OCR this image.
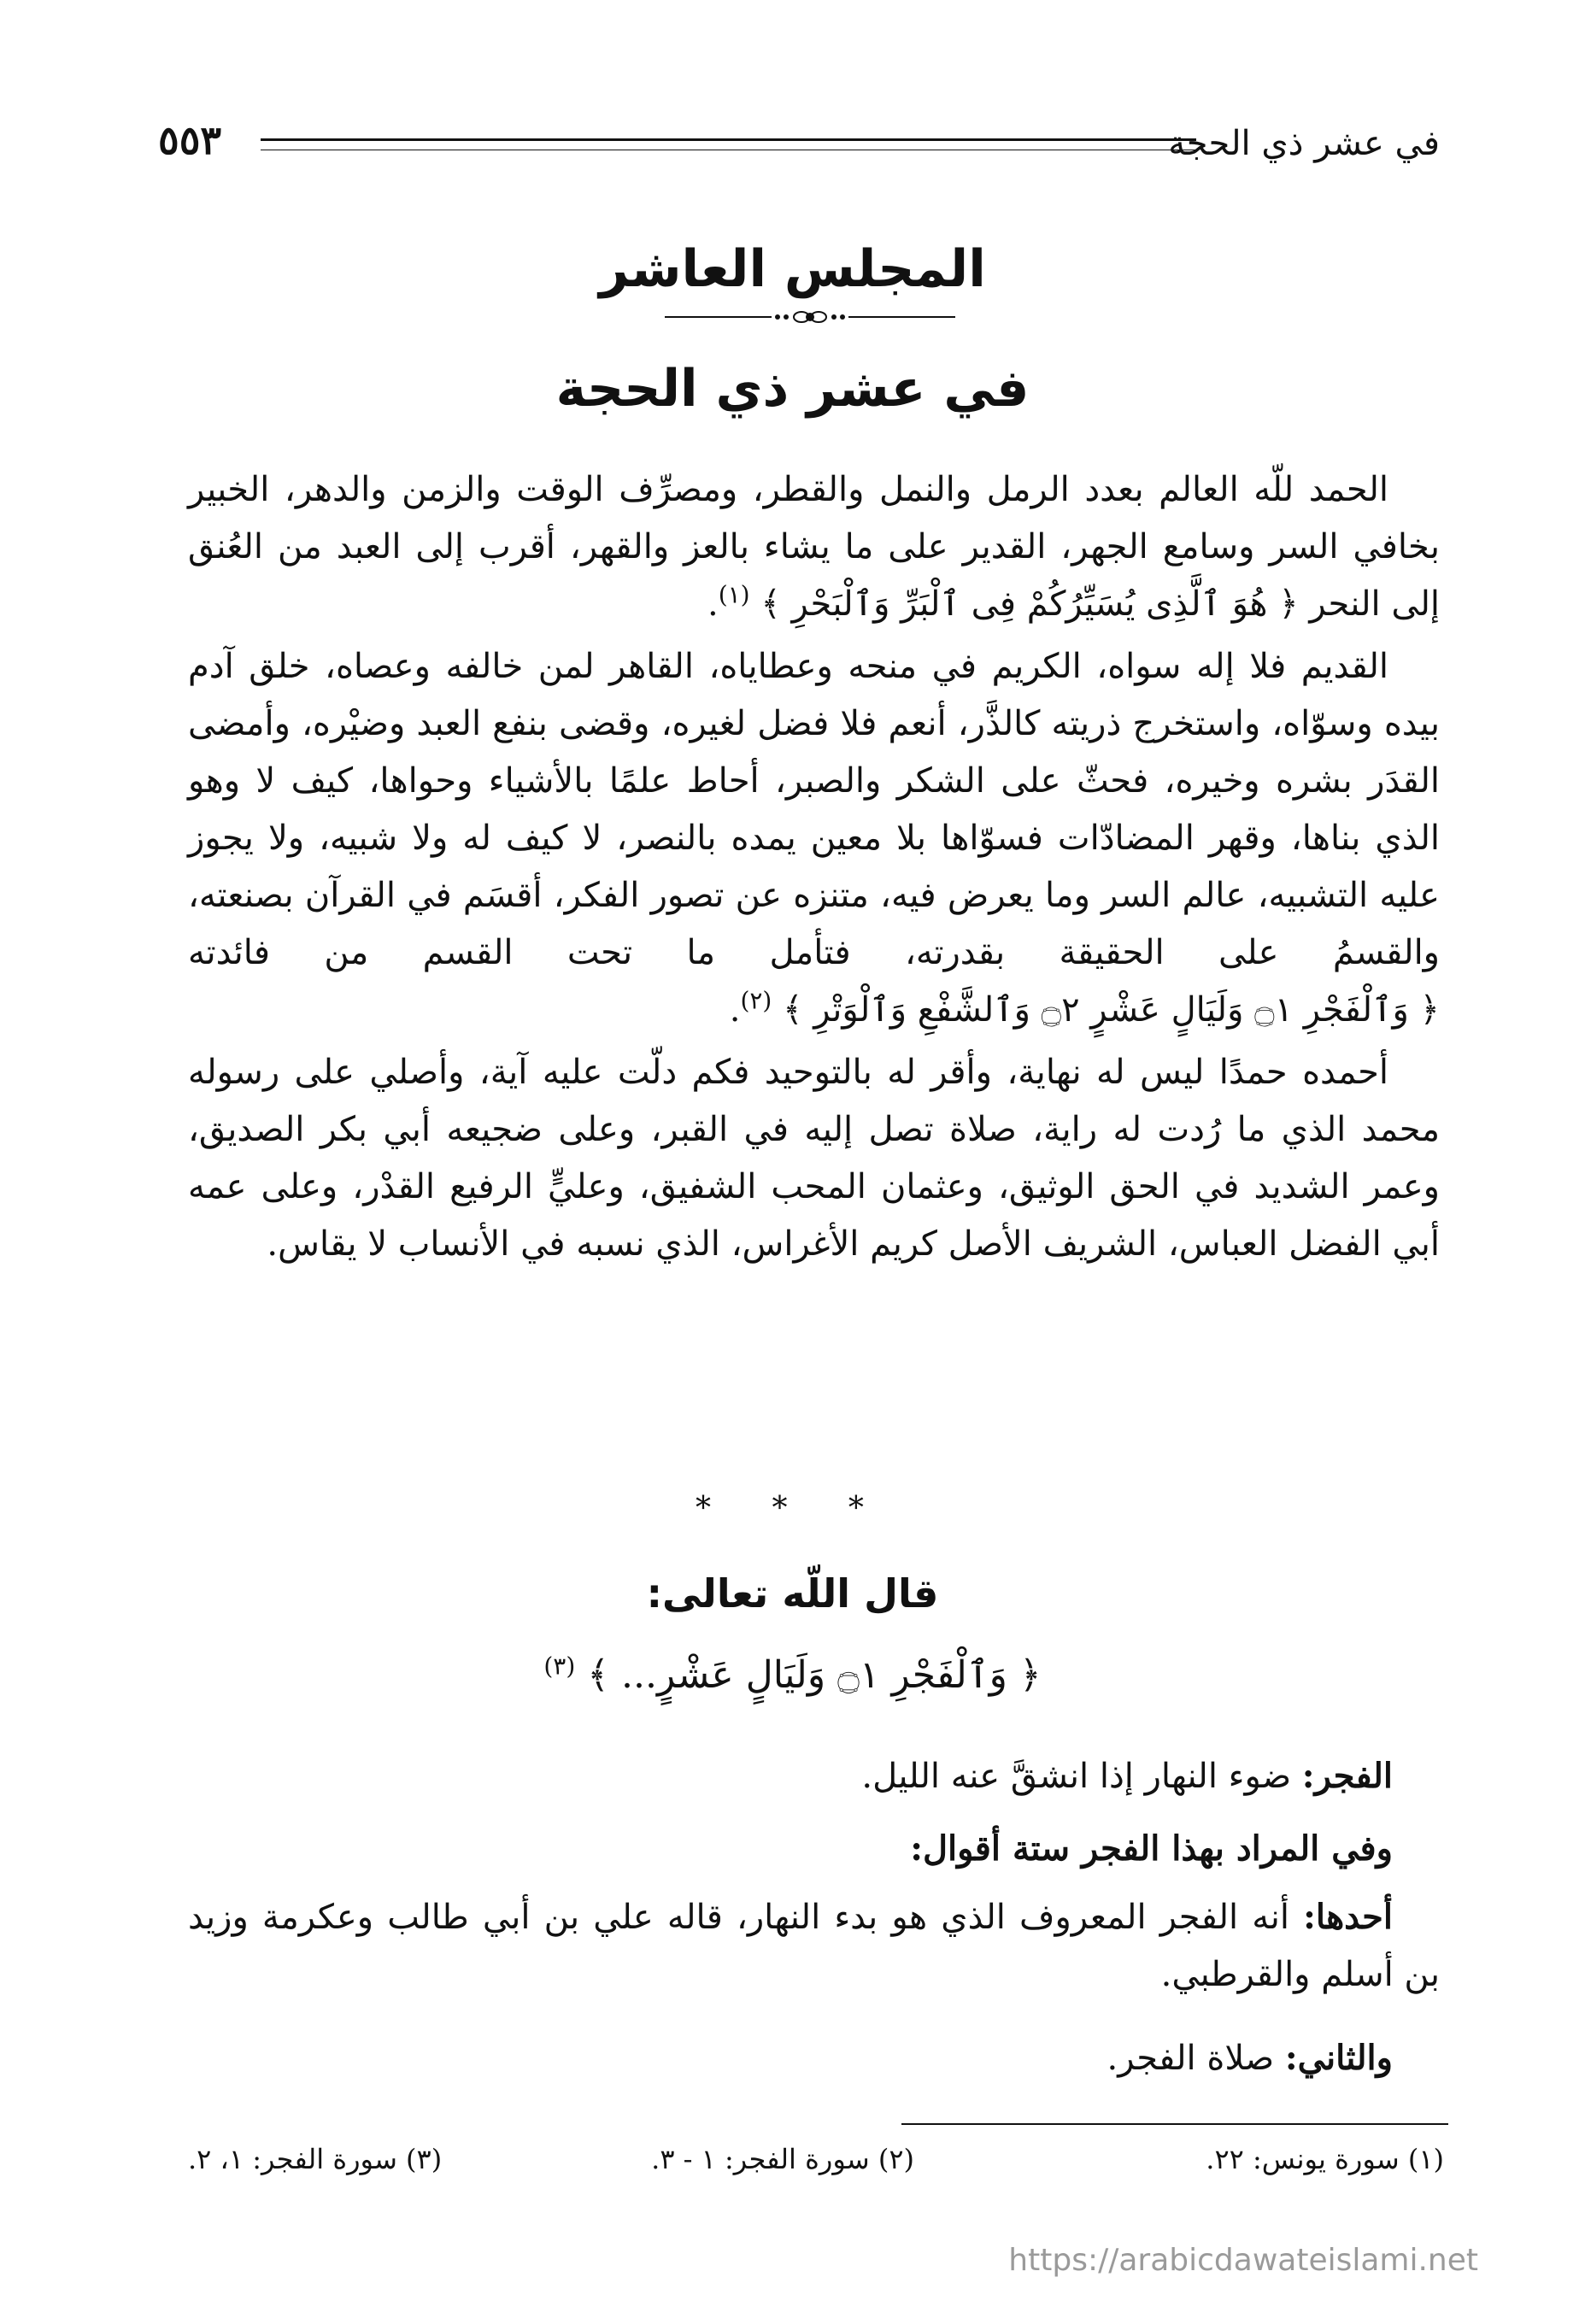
في عشر ذي الحجة
٥٥٣
المجلس العاشر
في عشر ذي الحجة

الحمد للّه العالم بعدد الرمل والنمل والقطر، ومصرِّف الوقت والزمن والدهر، الخبير بخافي السر وسامع الجهر، القدير على ما يشاء بالعز والقهر، أقرب إلى العبد من العُنق إلى النحر ﴿ هُوَ ٱلَّذِى يُسَيِّرُكُمْ فِى ٱلْبَرِّ وَٱلْبَحْرِ ﴾ $^{(١)}$.

القديم فلا إله سواه، الكريم في منحه وعطاياه، القاهر لمن خالفه وعصاه، خلق آدم بيده وسوّاه، واستخرج ذريته كالذَّر، أنعم فلا فضل لغيره، وقضى بنفع العبد وضيْره، وأمضى القدَر بشره وخيره، فحثّ على الشكر والصبر، أحاط علمًا بالأشياء وحواها، كيف لا وهو الذي بناها، وقهر المضادّات فسوّاها بلا معين يمده بالنصر، لا كيف له ولا شبيه، ولا يجوز عليه التشبيه، عالم السر وما يعرض فيه، متنزه عن تصور الفكر، أقسَم في القرآن بصنعته، والقسمُ على الحقيقة بقدرته، فتأمل ما تحت القسم من فائدته ﴿ وَٱلْفَجْرِ ۝١ وَلَيَالٍ عَشْرٍ ۝٢ وَٱلشَّفْعِ وَٱلْوَتْرِ ﴾ $^{(٢)}$.

أحمده حمدًا ليس له نهاية، وأقر له بالتوحيد فكم دلّت عليه آية، وأصلي على رسوله محمد الذي ما رُدت له راية، صلاة تصل إليه في القبر، وعلى ضجيعه أبي بكر الصديق، وعمر الشديد في الحق الوثيق، وعثمان المحب الشفيق، وعليٍّ الرفيع القدْر، وعلى عمه أبي الفضل العباس، الشريف الأصل كريم الأغراس، الذي نسبه في الأنساب لا يقاس.

* * *
قال اللّه تعالى:
﴿ وَٱلْفَجْرِ ۝١ وَلَيَالٍ عَشْرٍ... ﴾ $^{(٣)}$
الفجر: ضوء النهار إذا انشقَّ عنه الليل.
وفي المراد بهذا الفجر ستة أقوال:
أحدها: أنه الفجر المعروف الذي هو بدء النهار، قاله علي بن أبي طالب وعكرمة وزيد بن أسلم والقرطبي.
والثاني: صلاة الفجر.
(١) سورة يونس: ٢٢.
(٢) سورة الفجر: ١ - ٣.
(٣) سورة الفجر: ١، ٢.
https://arabicdawateislami.net
